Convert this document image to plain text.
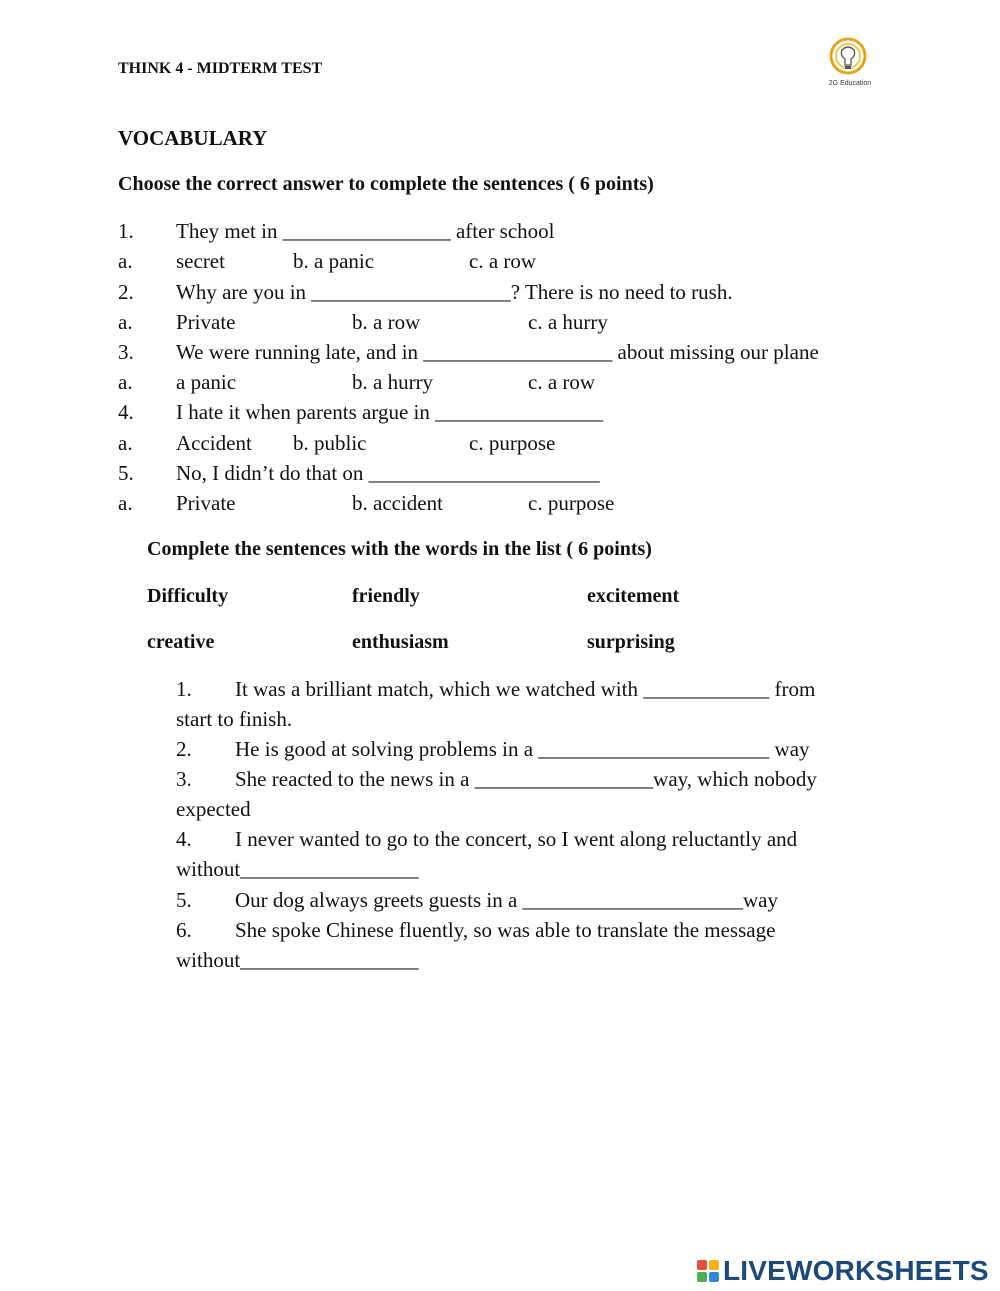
THINK 4 - MIDTERM TEST
2G Education
VOCABULARY
Choose the correct answer to complete the sentences ( 6 points)
1. They met in ________________ after school
a. secret	b. a panic	c. a row
2. Why are you in ___________________? There is no need to rush.
a. Private	b. a row	c. a hurry
3. We were running late, and in __________________ about missing our plane
a. a panic	b. a hurry	c. a row
4. I hate it when parents argue in ________________
a. Accident b. public	c. purpose
5. No, I didn’t do that on ______________________
a. Private	b. accident	c. purpose
Complete the sentences with the words in the list ( 6 points)
Difficulty	friendly	excitement
creative	enthusiasm	surprising
1. It was a brilliant match, which we watched with ____________ from
start to finish.
2. He is good at solving problems in a ______________________ way
3. She reacted to the news in a _________________way, which nobody
expected
4. I never wanted to go to the concert, so I went along reluctantly and
without_________________
5. Our dog always greets guests in a _____________________way
6. She spoke Chinese fluently, so was able to translate the message
without_________________
LIVEWORKSHEETS
